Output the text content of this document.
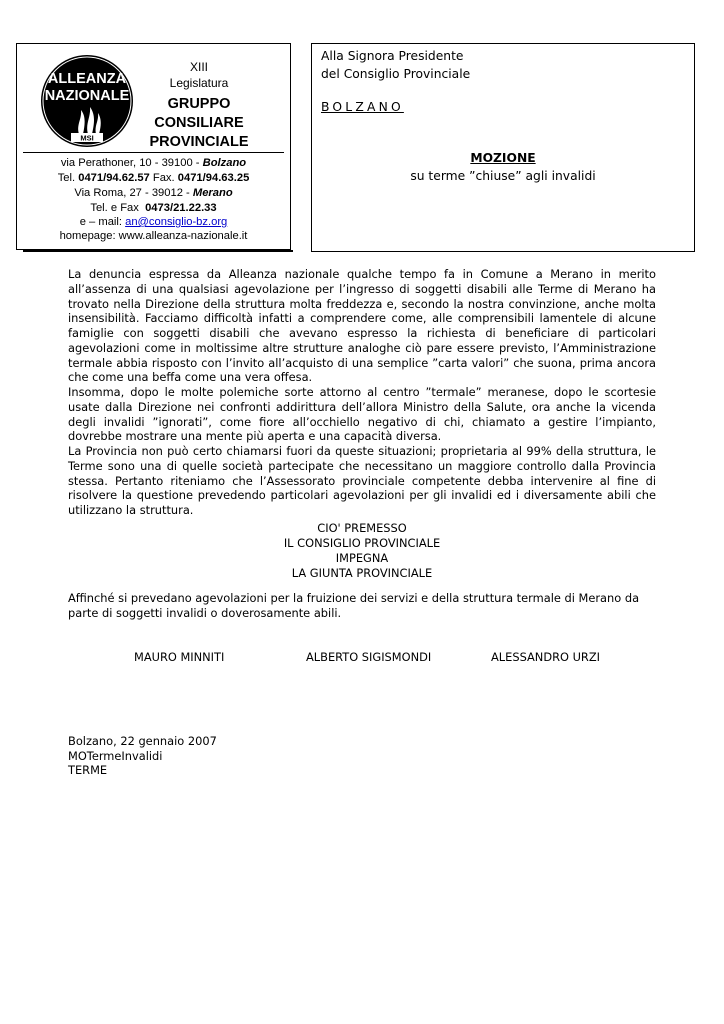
ALLEANZA
NAZIONALE
MSI
XIII
Legislatura
GRUPPO
CONSILIARE
PROVINCIALE
via Perathoner, 10 - 39100 - Bolzano
Tel. 0471/94.62.57 Fax. 0471/94.63.25
Via Roma, 27 - 39012 - Merano
Tel. e Fax 0473/21.22.33
e – mail: an@consiglio-bz.org
homepage: www.alleanza-nazionale.it
Alla Signora Presidente
del Consiglio Provinciale
BOLZANO
MOZIONE
su terme ”chiuse” agli invalidi

La denuncia espressa da Alleanza nazionale qualche tempo fa in Comune a Merano in merito all’assenza di una qualsiasi agevolazione per l’ingresso di soggetti disabili alle Terme di Merano ha trovato nella Direzione della struttura molta freddezza e, secondo la nostra convinzione, anche molta insensibilità. Facciamo difficoltà infatti a comprendere come, alle comprensibili lamentele di alcune famiglie con soggetti disabili che avevano espresso la richiesta di beneficiare di particolari agevolazioni come in moltissime altre strutture analoghe ciò pare essere previsto, l’Amministrazione termale abbia risposto con l’invito all’acquisto di una semplice ”carta valori” che suona, prima ancora che come una beffa come una vera offesa.

Insomma, dopo le molte polemiche sorte attorno al centro ”termale” meranese, dopo le scortesie usate dalla Direzione nei confronti addirittura dell’allora Ministro della Salute, ora anche la vicenda degli invalidi ”ignorati”, come fiore all’occhiello negativo di chi, chiamato a gestire l’impianto, dovrebbe mostrare una mente più aperta e una capacità diversa.

La Provincia non può certo chiamarsi fuori da queste situazioni; proprietaria al 99% della struttura, le Terme sono una di quelle società partecipate che necessitano un maggiore controllo dalla Provincia stessa. Pertanto riteniamo che l’Assessorato provinciale competente debba intervenire al fine di risolvere la questione prevedendo particolari agevolazioni per gli invalidi ed i diversamente abili che utilizzano la struttura.

CIO' PREMESSO
IL CONSIGLIO PROVINCIALE
IMPEGNA
LA GIUNTA PROVINCIALE
Affinché si prevedano agevolazioni per la fruizione dei servizi e della struttura termale di Merano da parte di soggetti invalidi o doverosamente abili.
MAURO MINNITI	ALBERTO SIGISMONDI	ALESSANDRO URZI
Bolzano, 22 gennaio 2007
MOTermeInvalidi
TERME
